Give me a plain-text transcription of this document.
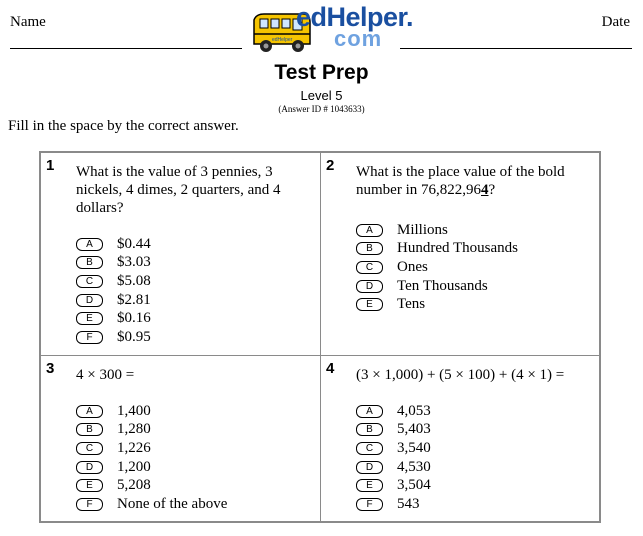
Name	Date
edHelper
edHelper.
com
Test Prep
Level 5
(Answer ID # 1043633)
Fill in the space by the correct answer.
1 What is the value of 3 pennies, 3 nickels, 4 dimes, 2 quarters, and 4 dollars?
A	$0.44
B	$3.03
C	$5.08
D	$2.81
E	$0.16
F	$0.95
2 What is the place value of the bold number in 76,822,964?
A	Millions
B	Hundred Thousands
C	Ones
D	Ten Thousands
E	Tens
3 4 × 300 =
A	1,400
B	1,280
C	1,226
D	1,200
E	5,208
F	None of the above
4 (3 × 1,000) + (5 × 100) + (4 × 1) =
A	4,053
B	5,403
C	3,540
D	4,530
E	3,504
F	543
